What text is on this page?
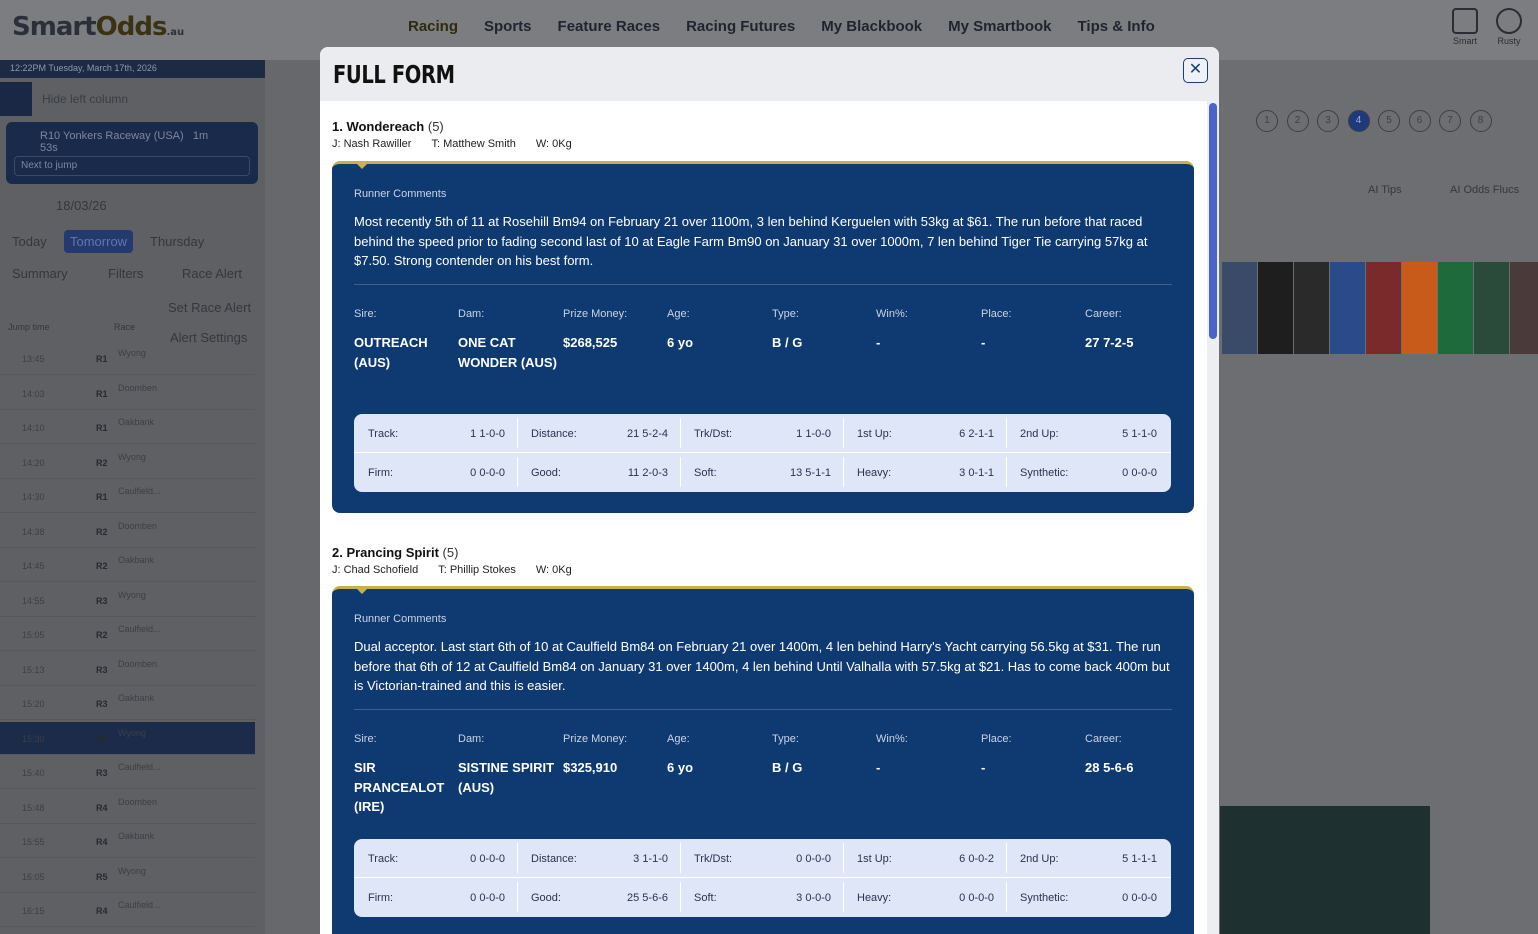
SmartOdds.au	Racing Sports Feature Races Racing Futures My Blackbook My Smartbook Tips & Info
Smart Rusty
12:22PM Tuesday, March 17th, 2026
Hide left column
R10 Yonkers Raceway (USA) 1m 53s
Next to jump
18/03/26
Today	Tomorrow	Thursday
Summary	Filters	Race Alert
Set Race Alert
Jump time	Race
Alert Settings
13:45	R1
Wyong
14:03	R1
Doomben
14:10	R1
Oakbank
14:20	R2
Wyong
14:30	R1
Caulfield...
14:38	R2
Doomben
14:45	R2
Oakbank
14:55	R3
Wyong
15:05	R2
Caulfield...
15:13	R3
Doomben
15:20	R3
Oakbank
15:30	R4
Wyong
15:40	R3
Caulfield...
15:48	R4
Doomben
15:55	R4
Oakbank
16:05	R5
Wyong
16:15	R4
Caulfield...
1	2	3	4	5	6	7	8
AI Tips	AI Odds Flucs
FULL FORM	✕
1. Wondereach (5)
J: Nash Rawiller T: Matthew Smith W: 0Kg
Runner Comments
Most recently 5th of 11 at Rosehill Bm94 on February 21 over 1100m, 3 len behind Kerguelen with 53kg at $61. The run before that raced behind the speed prior to fading second last of 10 at Eagle Farm Bm90 on January 31 over 1000m, 7 len behind Tiger Tie carrying 57kg at $7.50. Strong contender on his best form.
Sire:
OUTREACH (AUS)
Dam:
ONE CAT WONDER (AUS)
Prize Money:
$268,525
Age:
6 yo
Type:
B / G
Win%:
-
Place:
-
Career:
27 7-2-5
Track:	1 1-0-0 Distance:	21 5-2-4 Trk/Dst:	1 1-0-0 1st Up:	6 2-1-1 2nd Up:	5 1-1-0
Firm:	0 0-0-0 Good:	11 2-0-3 Soft:	13 5-1-1 Heavy:	3 0-1-1 Synthetic:	0 0-0-0
2. Prancing Spirit (5)
J: Chad Schofield T: Phillip Stokes W: 0Kg
Runner Comments
Dual acceptor. Last start 6th of 10 at Caulfield Bm84 on February 21 over 1400m, 4 len behind Harry's Yacht carrying 56.5kg at $31. The run before that 6th of 12 at Caulfield Bm84 on January 31 over 1400m, 4 len behind Until Valhalla with 57.5kg at $21. Has to come back 400m but is Victorian-trained and this is easier.
Sire:
SIR PRANCEALOT (IRE)
Dam:
SISTINE SPIRIT (AUS)
Prize Money:
$325,910
Age:
6 yo
Type:
B / G
Win%:
-
Place:
-
Career:
28 5-6-6
Track:	0 0-0-0 Distance:	3 1-1-0 Trk/Dst:	0 0-0-0 1st Up:	6 0-0-2 2nd Up:	5 1-1-1
Firm:	0 0-0-0 Good:	25 5-6-6 Soft:	3 0-0-0 Heavy:	0 0-0-0 Synthetic:	0 0-0-0
